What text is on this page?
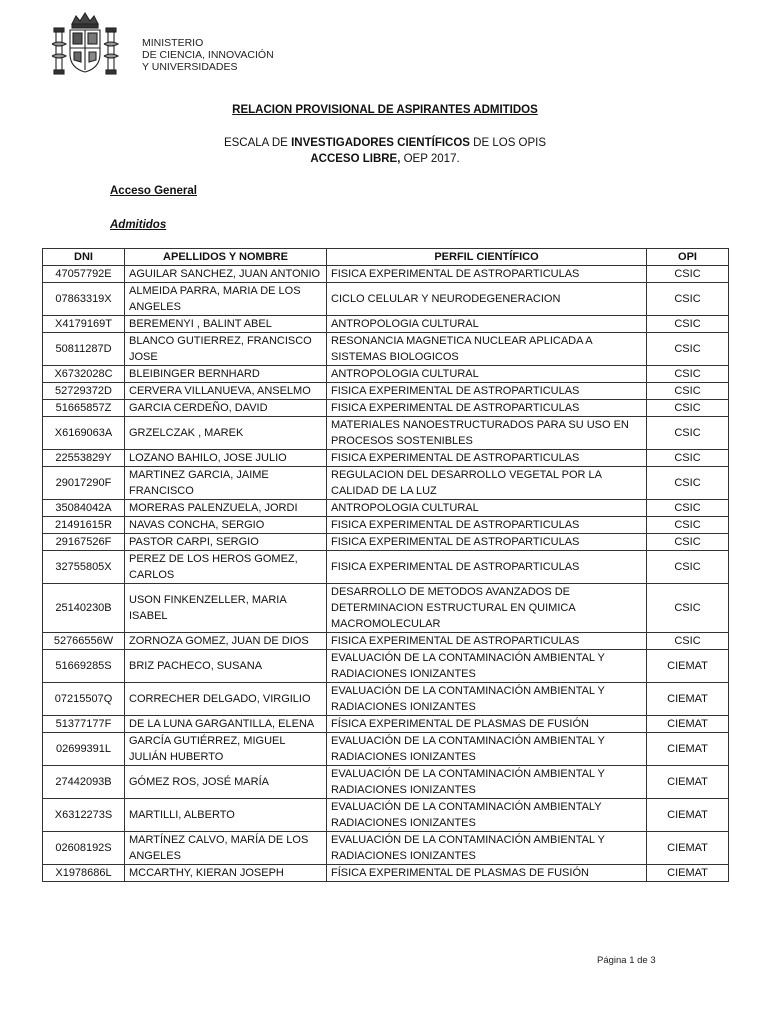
MINISTERIO
DE CIENCIA, INNOVACIÓN
Y UNIVERSIDADES
RELACION PROVISIONAL DE ASPIRANTES ADMITIDOS
ESCALA DE INVESTIGADORES CIENTÍFICOS DE LOS OPIS
ACCESO LIBRE, OEP 2017.
Acceso General
Admitidos
DNI	APELLIDOS Y NOMBRE	PERFIL CIENTÍFICO	OPI
47057792E	AGUILAR SANCHEZ, JUAN ANTONIO	FISICA EXPERIMENTAL DE ASTROPARTICULAS	CSIC
07863319X	ALMEIDA PARRA, MARIA DE LOS ANGELES	CICLO CELULAR Y NEURODEGENERACION	CSIC
X4179169T	BEREMENYI , BALINT ABEL	ANTROPOLOGIA CULTURAL	CSIC
50811287D	BLANCO GUTIERREZ, FRANCISCO JOSE	RESONANCIA MAGNETICA NUCLEAR APLICADA A SISTEMAS BIOLOGICOS	CSIC
X6732028C	BLEIBINGER BERNHARD	ANTROPOLOGIA CULTURAL	CSIC
52729372D	CERVERA VILLANUEVA, ANSELMO	FISICA EXPERIMENTAL DE ASTROPARTICULAS	CSIC
51665857Z	GARCIA CERDEÑO, DAVID	FISICA EXPERIMENTAL DE ASTROPARTICULAS	CSIC
X6169063A	GRZELCZAK , MAREK	MATERIALES NANOESTRUCTURADOS PARA SU USO EN PROCESOS SOSTENIBLES	CSIC
22553829Y	LOZANO BAHILO, JOSE JULIO	FISICA EXPERIMENTAL DE ASTROPARTICULAS	CSIC
29017290F	MARTINEZ GARCIA, JAIME FRANCISCO	REGULACION DEL DESARROLLO VEGETAL POR LA CALIDAD DE LA LUZ	CSIC
35084042A	MORERAS PALENZUELA, JORDI	ANTROPOLOGIA CULTURAL	CSIC
21491615R	NAVAS CONCHA, SERGIO	FISICA EXPERIMENTAL DE ASTROPARTICULAS	CSIC
29167526F	PASTOR CARPI, SERGIO	FISICA EXPERIMENTAL DE ASTROPARTICULAS	CSIC
32755805X	PEREZ DE LOS HEROS GOMEZ, CARLOS	FISICA EXPERIMENTAL DE ASTROPARTICULAS	CSIC
25140230B	USON FINKENZELLER, MARIA ISABEL	DESARROLLO DE METODOS AVANZADOS DE DETERMINACION ESTRUCTURAL EN QUIMICA MACROMOLECULAR	CSIC
52766556W	ZORNOZA GOMEZ, JUAN DE DIOS	FISICA EXPERIMENTAL DE ASTROPARTICULAS	CSIC
51669285S	BRIZ PACHECO, SUSANA	EVALUACIÓN DE LA CONTAMINACIÓN AMBIENTAL Y RADIACIONES IONIZANTES	CIEMAT
07215507Q	CORRECHER DELGADO, VIRGILIO	EVALUACIÓN DE LA CONTAMINACIÓN AMBIENTAL Y RADIACIONES IONIZANTES	CIEMAT
51377177F	DE LA LUNA GARGANTILLA, ELENA	FÍSICA EXPERIMENTAL DE PLASMAS DE FUSIÓN	CIEMAT
02699391L	GARCÍA GUTIÉRREZ, MIGUEL JULIÁN HUBERTO	EVALUACIÓN DE LA CONTAMINACIÓN AMBIENTAL Y RADIACIONES IONIZANTES	CIEMAT
27442093B	GÓMEZ ROS, JOSÉ MARÍA	EVALUACIÓN DE LA CONTAMINACIÓN AMBIENTAL Y RADIACIONES IONIZANTES	CIEMAT
X6312273S	MARTILLI, ALBERTO	EVALUACIÓN DE LA CONTAMINACIÓN AMBIENTALY RADIACIONES IONIZANTES	CIEMAT
02608192S	MARTÍNEZ CALVO, MARÍA DE LOS ANGELES	EVALUACIÓN DE LA CONTAMINACIÓN AMBIENTAL Y RADIACIONES IONIZANTES	CIEMAT
X1978686L	MCCARTHY, KIERAN JOSEPH	FÍSICA EXPERIMENTAL DE PLASMAS DE FUSIÓN	CIEMAT
Página 1 de 3
